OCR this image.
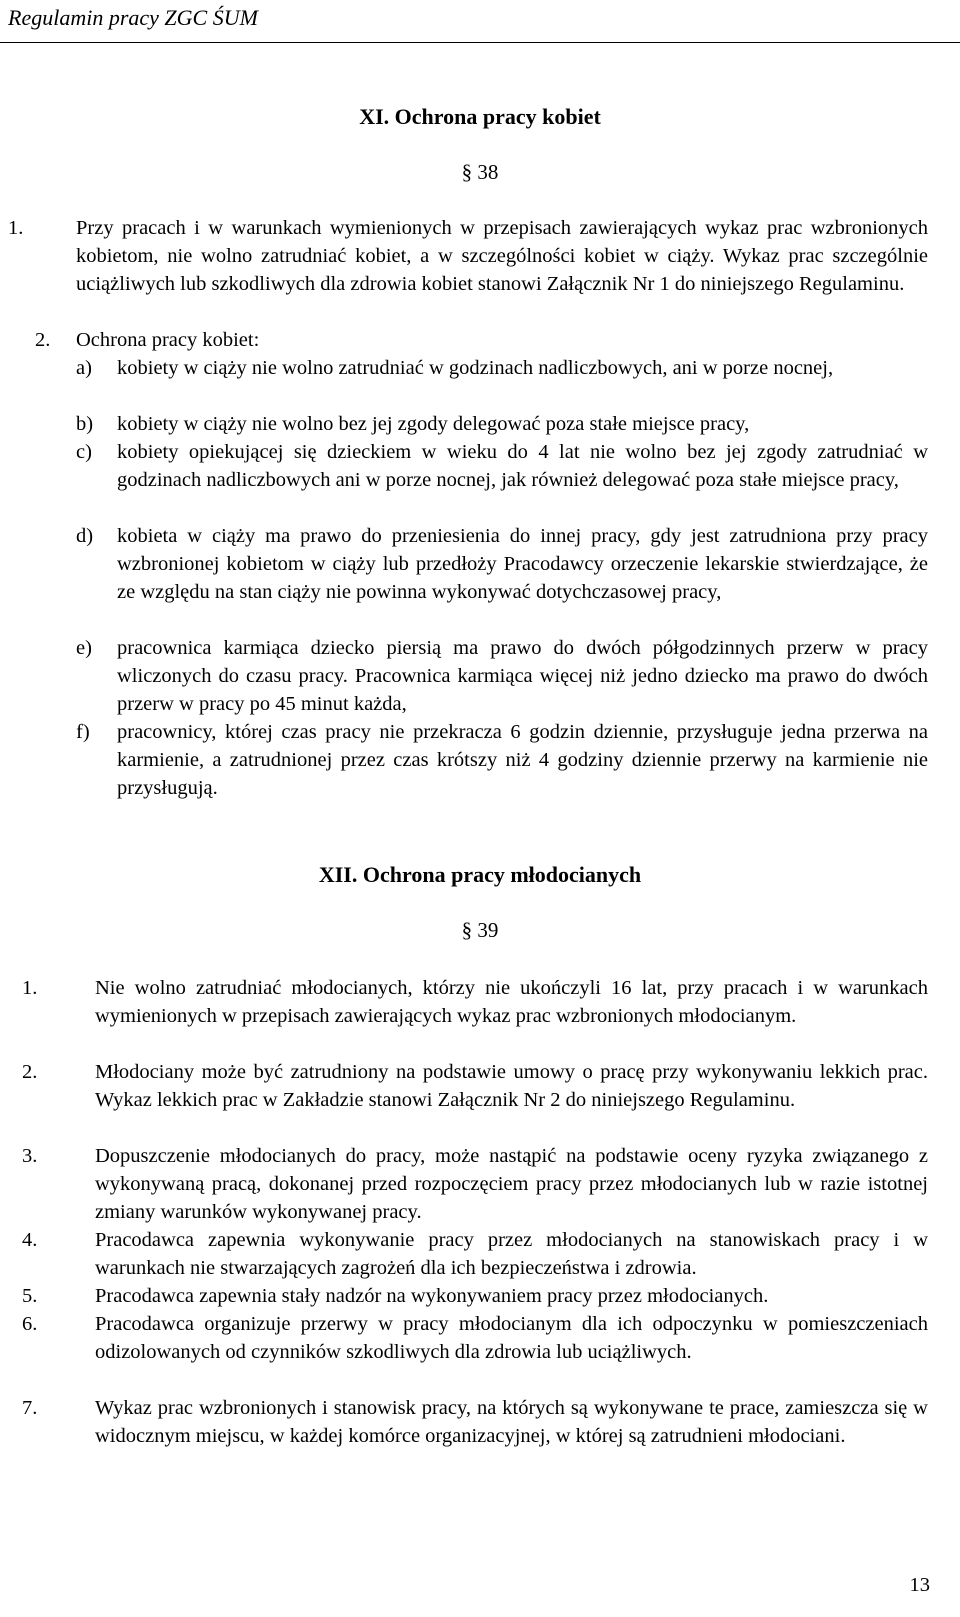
Regulamin pracy ZGC ŚUM
XI. Ochrona pracy kobiet
§ 38
1.	Przy pracach i w warunkach wymienionych w przepisach zawierających wykaz prac wzbronionych kobietom, nie wolno zatrudniać kobiet, a w szczególności kobiet w ciąży. Wykaz prac szczególnie uciążliwych lub szkodliwych dla zdrowia kobiet stanowi Załącznik Nr 1 do niniejszego Regulaminu.
2. Ochrona pracy kobiet:
a) kobiety w ciąży nie wolno zatrudniać w godzinach nadliczbowych, ani w porze nocnej,
b) kobiety w ciąży nie wolno bez jej zgody delegować poza stałe miejsce pracy,
c) kobiety opiekującej się dzieckiem w wieku do 4 lat nie wolno bez jej zgody zatrudniać w godzinach nadliczbowych ani w porze nocnej, jak również delegować poza stałe miejsce pracy,
d) kobieta w ciąży ma prawo do przeniesienia do innej pracy, gdy jest zatrudniona przy pracy wzbronionej kobietom w ciąży lub przedłoży Pracodawcy orzeczenie lekarskie stwierdzające, że ze względu na stan ciąży nie powinna wykonywać dotychczasowej pracy,
e) pracownica karmiąca dziecko piersią ma prawo do dwóch półgodzinnych przerw w pracy wliczonych do czasu pracy. Pracownica karmiąca więcej niż jedno dziecko ma prawo do dwóch przerw w pracy po 45 minut każda,
f) pracownicy, której czas pracy nie przekracza 6 godzin dziennie, przysługuje jedna przerwa na karmienie, a zatrudnionej przez czas krótszy niż 4 godziny dziennie przerwy na karmienie nie przysługują.
XII. Ochrona pracy młodocianych
§ 39
1.	Nie wolno zatrudniać młodocianych, którzy nie ukończyli 16 lat, przy pracach i w warunkach wymienionych w przepisach zawierających wykaz prac wzbronionych młodocianym.
2.	Młodociany może być zatrudniony na podstawie umowy o pracę przy wykonywaniu lekkich prac. Wykaz lekkich prac w Zakładzie stanowi Załącznik Nr 2 do niniejszego Regulaminu.
3.	Dopuszczenie młodocianych do pracy, może nastąpić na podstawie oceny ryzyka związanego z wykonywaną pracą, dokonanej przed rozpoczęciem pracy przez młodocianych lub w razie istotnej zmiany warunków wykonywanej pracy.
4.	Pracodawca zapewnia wykonywanie pracy przez młodocianych na stanowiskach pracy i w warunkach nie stwarzających zagrożeń dla ich bezpieczeństwa i zdrowia.
5.	Pracodawca zapewnia stały nadzór na wykonywaniem pracy przez młodocianych.
6.	Pracodawca organizuje przerwy w pracy młodocianym dla ich odpoczynku w pomieszczeniach odizolowanych od czynników szkodliwych dla zdrowia lub uciążliwych.
7.	Wykaz prac wzbronionych i stanowisk pracy, na których są wykonywane te prace, zamieszcza się w widocznym miejscu, w każdej komórce organizacyjnej, w której są zatrudnieni młodociani.
13
